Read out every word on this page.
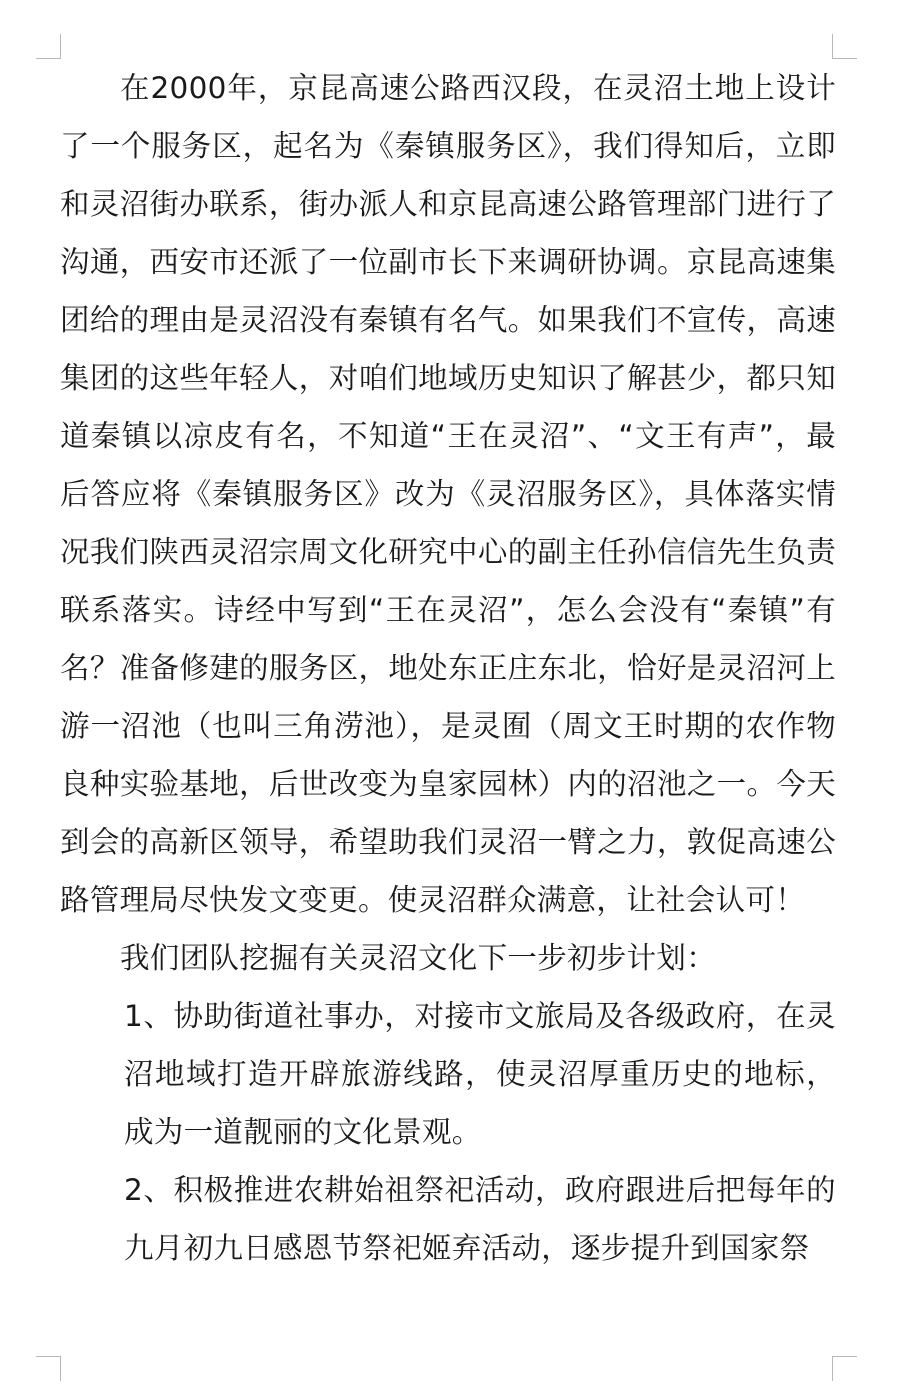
在2000年，京昆高速公路西汉段，在灵沼土地上设计了一个服务区，起名为《秦镇服务区》，我们得知后，立即和灵沼街办联系，街办派人和京昆高速公路管理部门进行了沟通，西安市还派了一位副市长下来调研协调。京昆高速集团给的理由是灵沼没有秦镇有名气。如果我们不宣传，高速集团的这些年轻人，对咱们地域历史知识了解甚少，都只知道秦镇以凉皮有名，不知道“王在灵沼”、“文王有声”，最后答应将《秦镇服务区》改为《灵沼服务区》，具体落实情况我们陕西灵沼宗周文化研究中心的副主任孙信信先生负责联系落实。诗经中写到“王在灵沼”，怎么会没有“秦镇”有名？准备修建的服务区，地处东正庄东北，恰好是灵沼河上游一沼池（也叫三角涝池），是灵囿（周文王时期的农作物良种实验基地，后世改变为皇家园林）内的沼池之一。今天到会的高新区领导，希望助我们灵沼一臂之力，敦促高速公路管理局尽快发文变更。使灵沼群众满意，让社会认可！

我们团队挖掘有关灵沼文化下一步初步计划：

1、协助街道社事办，对接市文旅局及各级政府，在灵沼地域打造开辟旅游线路，使灵沼厚重历史的地标，成为一道靓丽的文化景观。
2、积极推进农耕始祖祭祀活动，政府跟进后把每年的九月初九日感恩节祭祀姬弃活动，逐步提升到国家祭
